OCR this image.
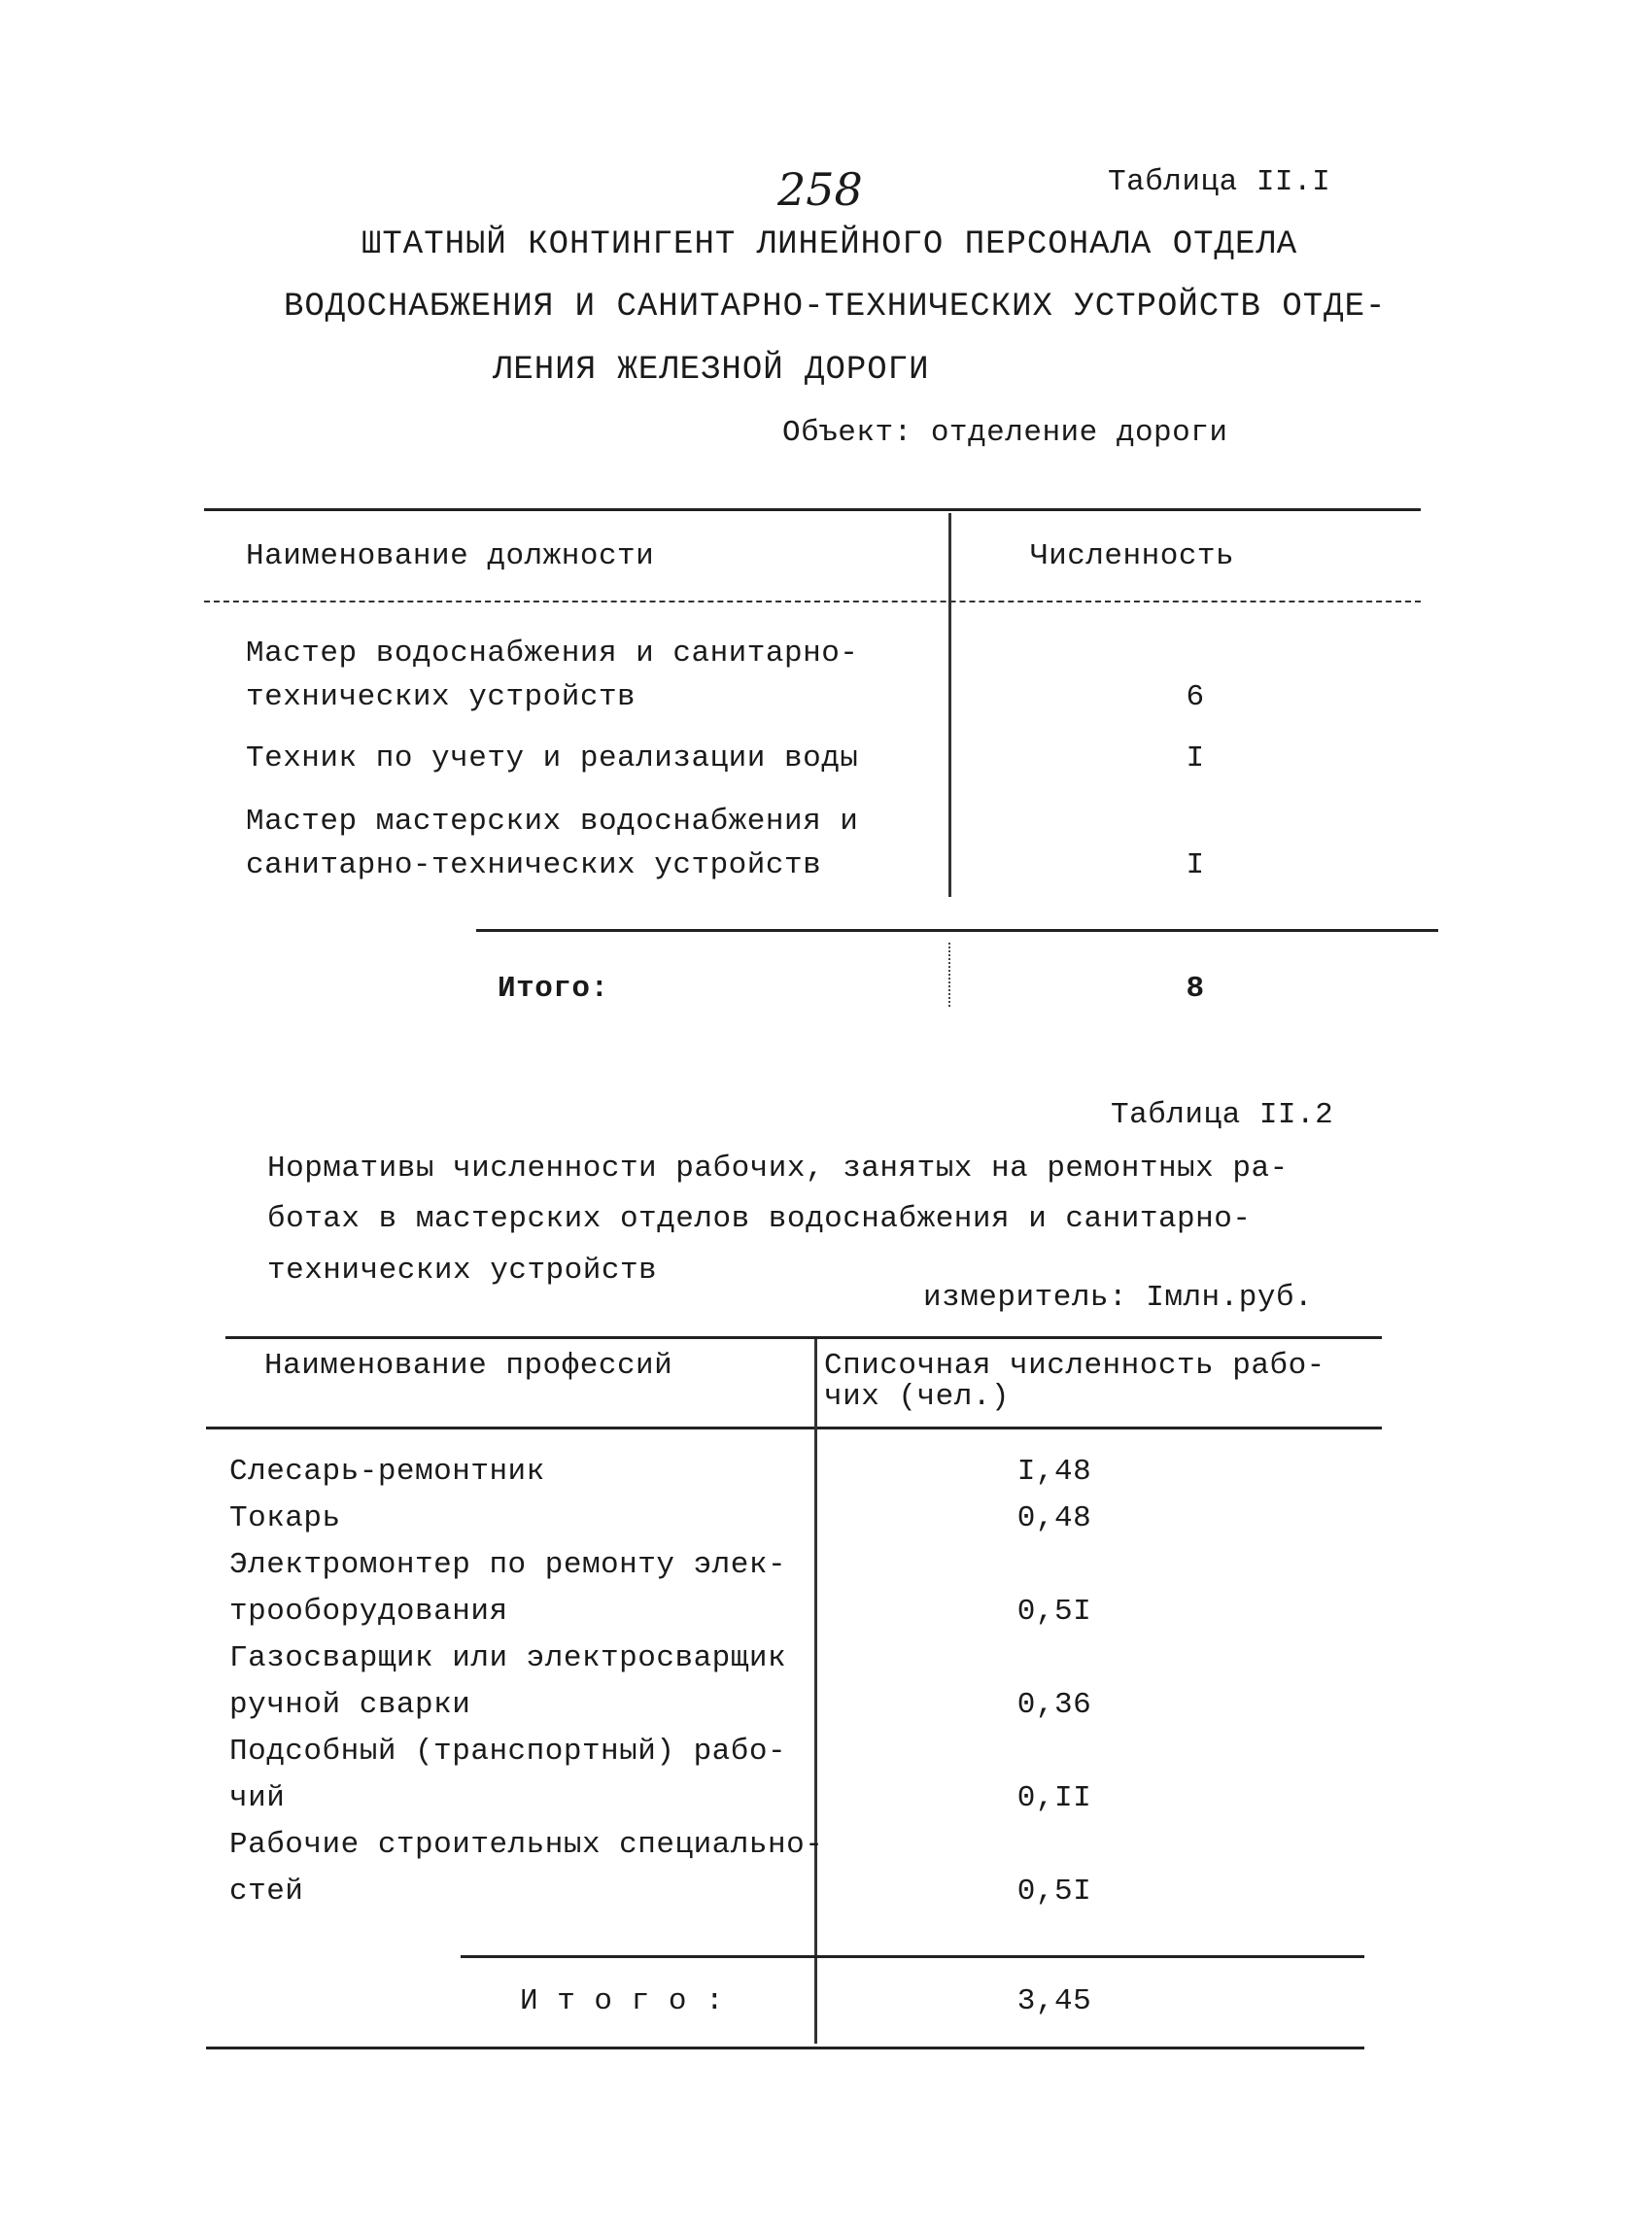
258	Таблица II.I
ШТАТНЫЙ КОНТИНГЕНТ ЛИНЕЙНОГО ПЕРСОНАЛА ОТДЕЛА
ВОДОСНАБЖЕНИЯ И САНИТАРНО-ТЕХНИЧЕСКИХ УСТРОЙСТВ ОТДЕ-
ЛЕНИЯ ЖЕЛЕЗНОЙ ДОРОГИ
Объект: отделение дороги
Наименование должности	Численность
Мастер водоснабжения и санитарно-
технических устройств	6
Техник по учету и реализации воды	I
Мастер мастерских водоснабжения и
санитарно-технических устройств	I
Итого:	8
Таблица II.2
Нормативы численности рабочих, занятых на ремонтных ра-
ботах в мастерских отделов водоснабжения и санитарно-
технических устройств
измеритель: Iмлн.руб.
Наименование профессий	Списочная численность рабо-
чих (чел.)
Слесарь-ремонтник	I,48
Токарь	0,48
Электромонтер по ремонту элек-
трооборудования	0,5I
Газосварщик или электросварщик
ручной сварки	0,36
Подсобный (транспортный) рабо-
чий	0,II
Рабочие строительных специально-
стей	0,5I
И т о г о :	3,45
